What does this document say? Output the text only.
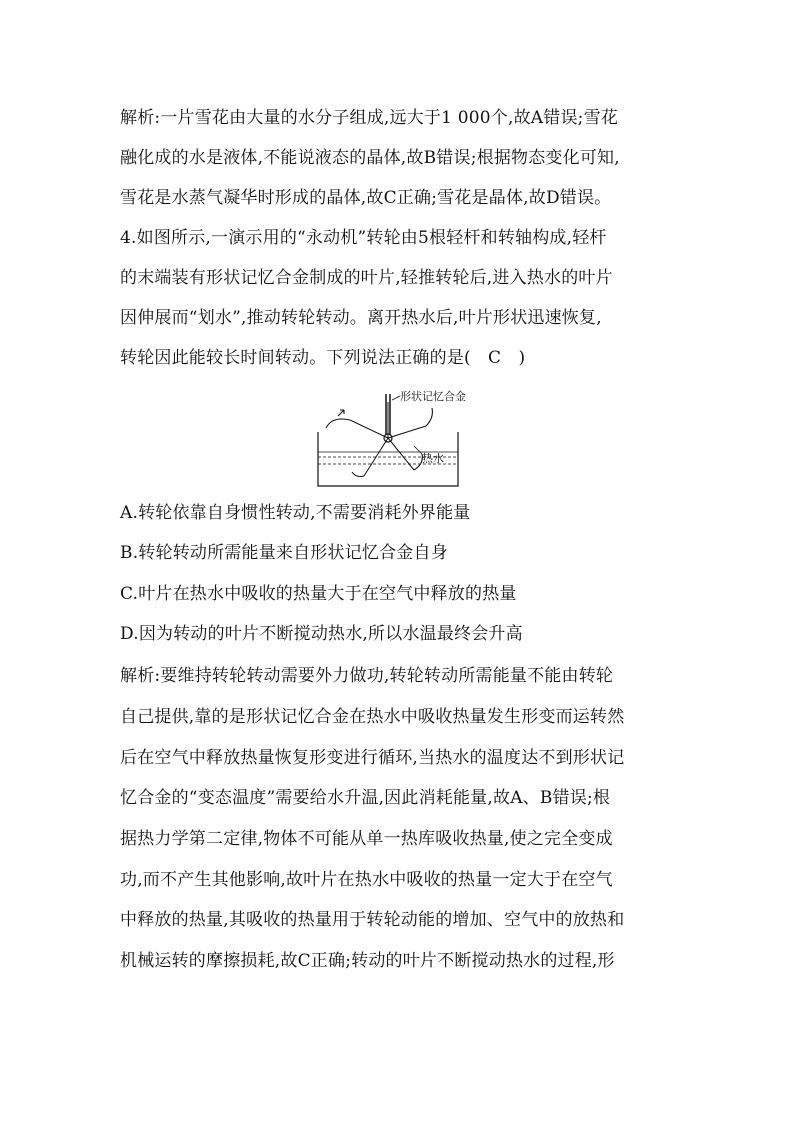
解析:一片雪花由大量的水分子组成,远大于1 000个,故A错误;雪花
融化成的水是液体,不能说液态的晶体,故B错误;根据物态变化可知,
雪花是水蒸气凝华时形成的晶体,故C正确;雪花是晶体,故D错误。
4.如图所示,一演示用的“永动机”转轮由5根轻杆和转轴构成,轻杆
的末端装有形状记忆合金制成的叶片,轻推转轮后,进入热水的叶片
因伸展而“划水”,推动转轮转动。离开热水后,叶片形状迅速恢复,
转轮因此能较长时间转动。下列说法正确的是(　C　)
形状记忆合金
热水
A.转轮依靠自身惯性转动,不需要消耗外界能量
B.转轮转动所需能量来自形状记忆合金自身
C.叶片在热水中吸收的热量大于在空气中释放的热量
D.因为转动的叶片不断搅动热水,所以水温最终会升高
解析:要维持转轮转动需要外力做功,转轮转动所需能量不能由转轮
自己提供,靠的是形状记忆合金在热水中吸收热量发生形变而运转然
后在空气中释放热量恢复形变进行循环,当热水的温度达不到形状记
忆合金的“变态温度”需要给水升温,因此消耗能量,故A、B错误;根
据热力学第二定律,物体不可能从单一热库吸收热量,使之完全变成
功,而不产生其他影响,故叶片在热水中吸收的热量一定大于在空气
中释放的热量,其吸收的热量用于转轮动能的增加、空气中的放热和
机械运转的摩擦损耗,故C正确;转动的叶片不断搅动热水的过程,形
